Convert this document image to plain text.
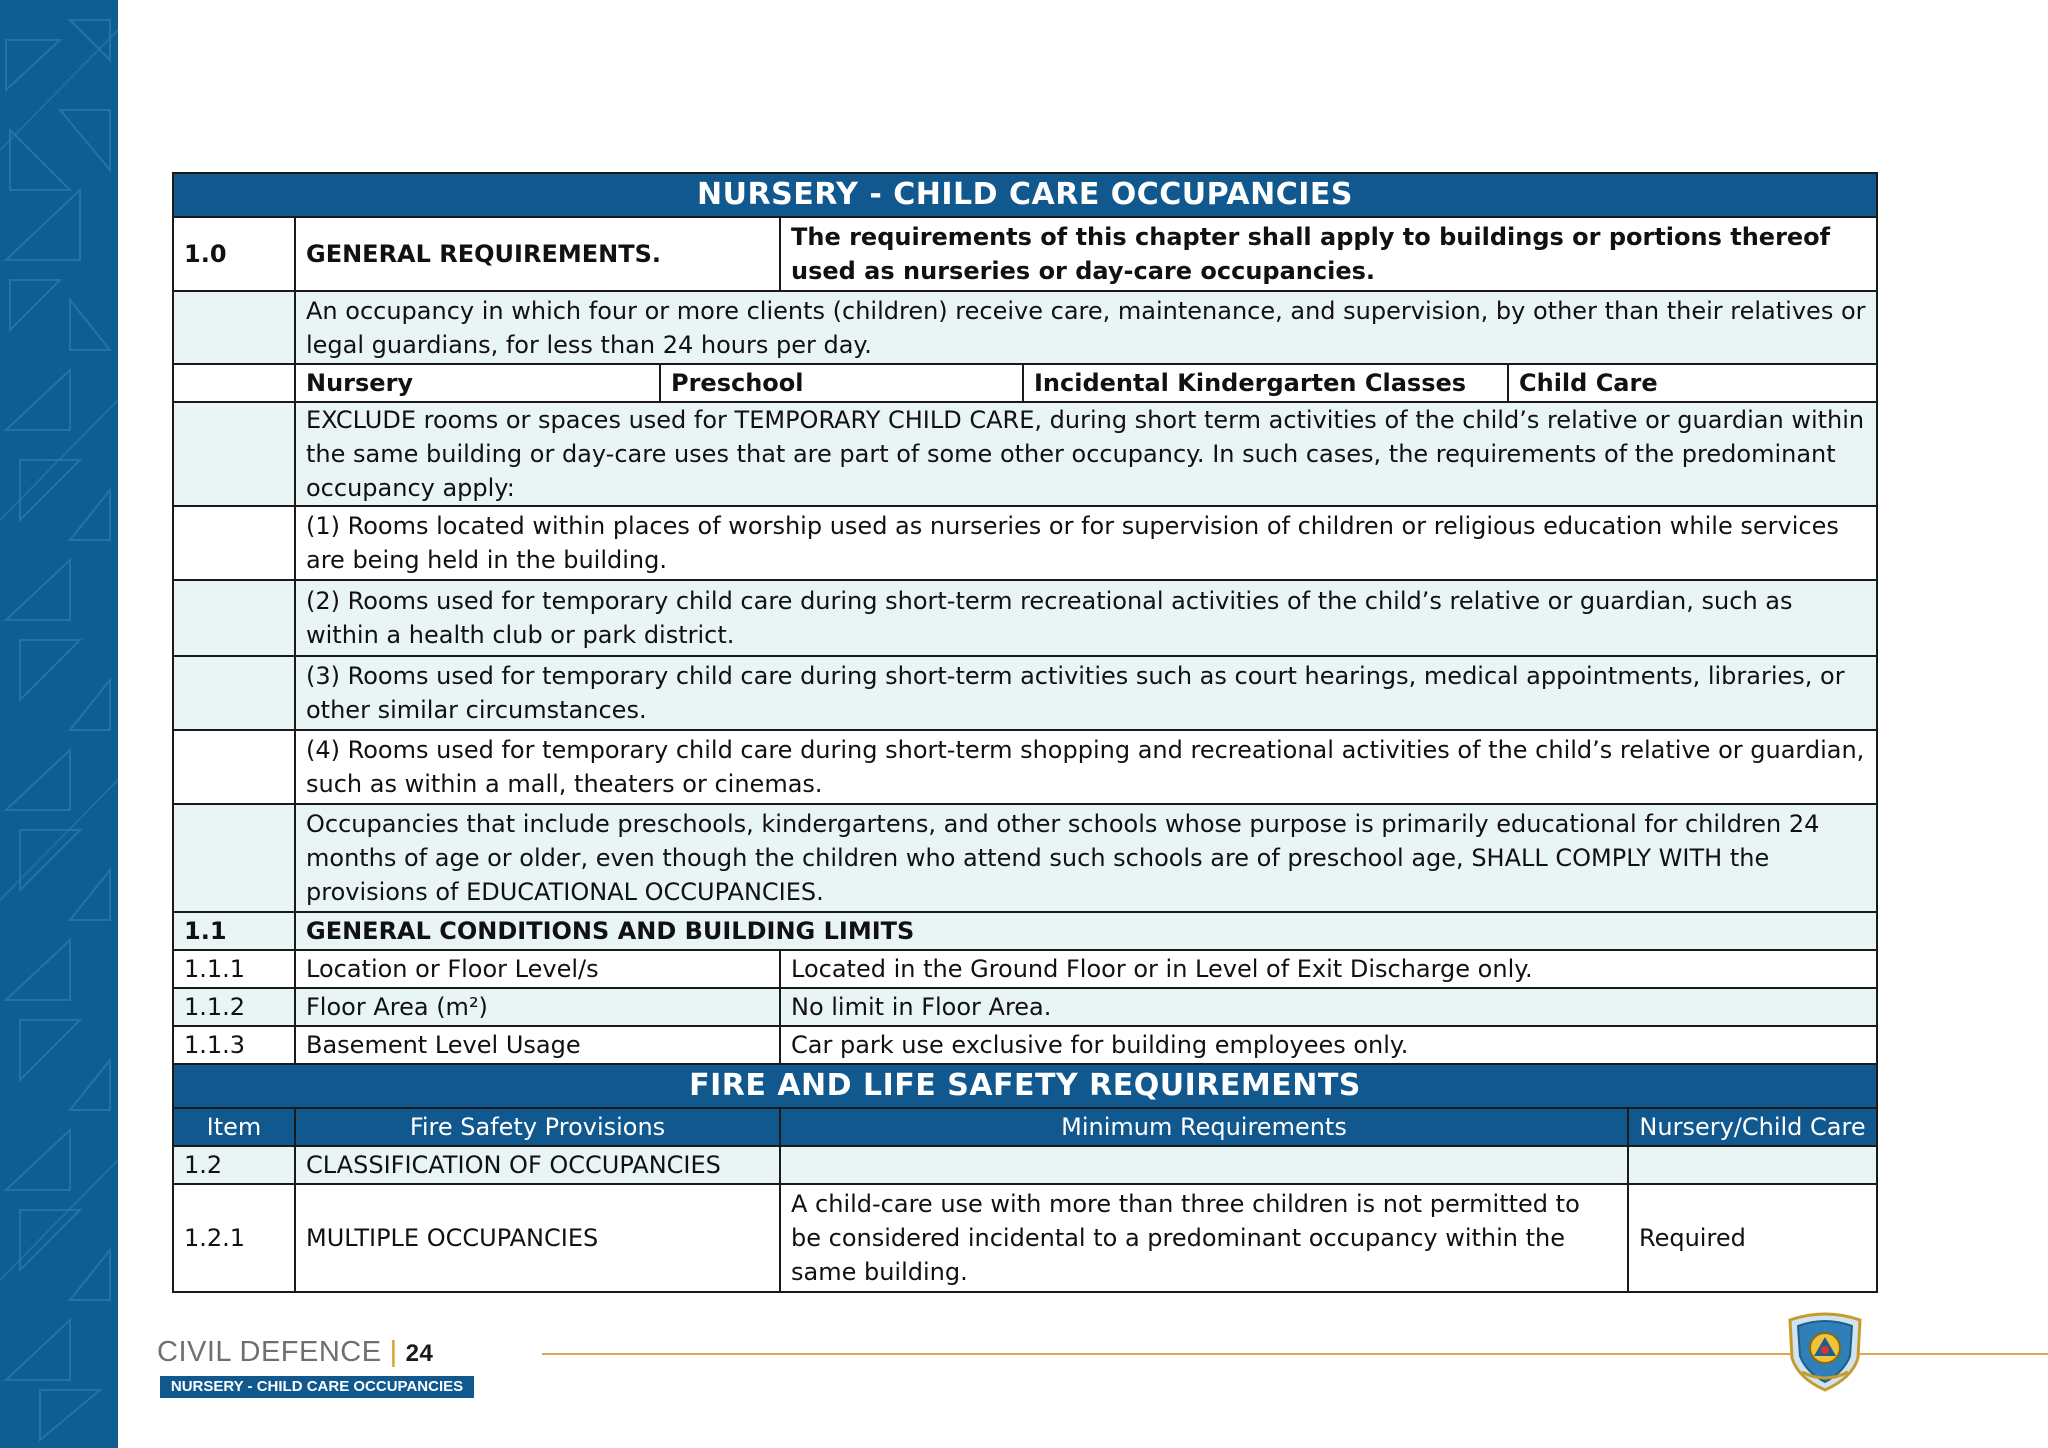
NURSERY - CHILD CARE OCCUPANCIES						
1.0	GENERAL REQUIREMENTS.		The requirements of this chapter shall apply to buildings or portions thereof used as nurseries or day-care occupancies.			
	An occupancy in which four or more clients (children) receive care, maintenance, and supervision, by other than their relatives or legal guardians, for less than 24 hours per day.					
	Nursery	Preschool		Incidental Kindergarten Classes	Child Care	
	EXCLUDE rooms or spaces used for TEMPORARY CHILD CARE, during short term activities of the child’s relative or guardian within the same building or day-care uses that are part of some other occupancy. In such cases, the requirements of the predominant occupancy apply:					
	(1) Rooms located within places of worship used as nurseries or for supervision of children or religious education while services are being held in the building.					
	(2) Rooms used for temporary child care during short-term recreational activities of the child’s relative or guardian, such as within a health club or park district.					
	(3) Rooms used for temporary child care during short-term activities such as court hearings, medical appointments, libraries, or other similar circumstances.					
	(4) Rooms used for temporary child care during short-term shopping and recreational activities of the child’s relative or guardian, such as within a mall, theaters or cinemas.					
	Occupancies that include preschools, kindergartens, and other schools whose purpose is primarily educational for children 24 months of age or older, even though the children who attend such schools are of preschool age, SHALL COMPLY WITH the provisions of EDUCATIONAL OCCUPANCIES.					
1.1	GENERAL CONDITIONS AND BUILDING LIMITS					
1.1.1	Location or Floor Level/s		Located in the Ground Floor or in Level of Exit Discharge only.			
1.1.2	Floor Area (m²)		No limit in Floor Area.			
1.1.3	Basement Level Usage		Car park use exclusive for building employees only.			
FIRE AND LIFE SAFETY REQUIREMENTS						
Item	Fire Safety Provisions		Minimum Requirements			Nursery/Child Care
1.2	CLASSIFICATION OF OCCUPANCIES					
1.2.1	MULTIPLE OCCUPANCIES		A child-care use with more than three children is not permitted to be considered incidental to a predominant occupancy within the same building.			Required
CIVIL DEFENCE | 24
NURSERY - CHILD CARE OCCUPANCIES
